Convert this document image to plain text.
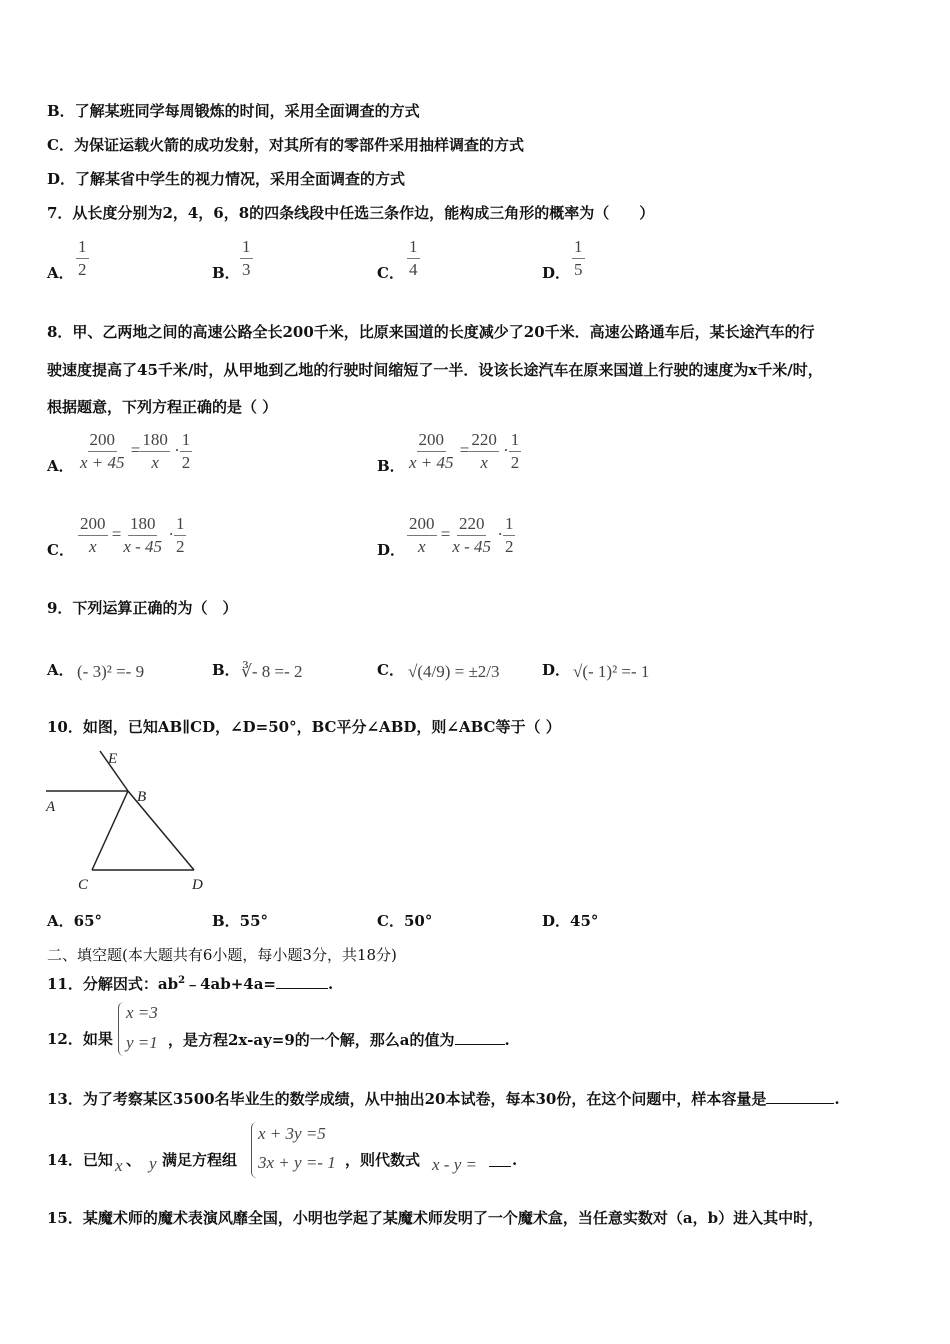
B．了解某班同学每周锻炼的时间，采用全面调查的方式
C．为保证运载火箭的成功发射，对其所有的零部件采用抽样调查的方式
D．了解某省中学生的视力情况，采用全面调查的方式
7．从长度分别为2，4，6，8的四条线段中任选三条作边，能构成三角形的概率为（　　）
A． $\frac{1}{2}$	B． $\frac{1}{3}$	C． $\frac{1}{4}$	D． $\frac{1}{5}$
8．甲、乙两地之间的高速公路全长200千米，比原来国道的长度减少了20千米．高速公路通车后，某长途汽车的行
驶速度提高了45千米/时，从甲地到乙地的行驶时间缩短了一半．设该长途汽车在原来国道上行驶的速度为x千米/时，
根据题意，下列方程正确的是（ ）
A． $\frac{200}{x + 45} = \frac{180}{x} \cdot \frac{1}{2}$	B． $\frac{200}{x + 45} = \frac{220}{x} \cdot \frac{1}{2}$
C． $\frac{200}{x} = \frac{180}{x - 45} \cdot \frac{1}{2}$	D． $\frac{200}{x} = \frac{220}{x - 45} \cdot \frac{1}{2}$
9．下列运算正确的为（　）
A． (- 3)² =- 9	B． ∛- 8 =- 2	C． √(4/9) = ±2/3	D． √(- 1)² =- 1
10．如图，已知AB∥CD，∠D=50°，BC平分∠ABD，则∠ABC等于（ ）
E
A
B
C	D
A．65°	B．55°	C．50°	D．45°
二、填空题(本大题共有6小题，每小题3分，共18分)
11．分解因式：$ab^2﹣4ab+4a=$	.
12．如果
x =3
y =1 ，是方程2x-ay=9的一个解，那么a的值为	.
13．为了考察某区3500名毕业生的数学成绩，从中抽出20本试卷，每本30份，在这个问题中，样本容量是	.
14．已知 x 、 y 满足方程组
x + 3y =5
3x + y =- 1 ，则代数式 x - y = .
15．某魔术师的魔术表演风靡全国，小明也学起了某魔术师发明了一个魔术盒，当任意实数对（a，b）进入其中时，
